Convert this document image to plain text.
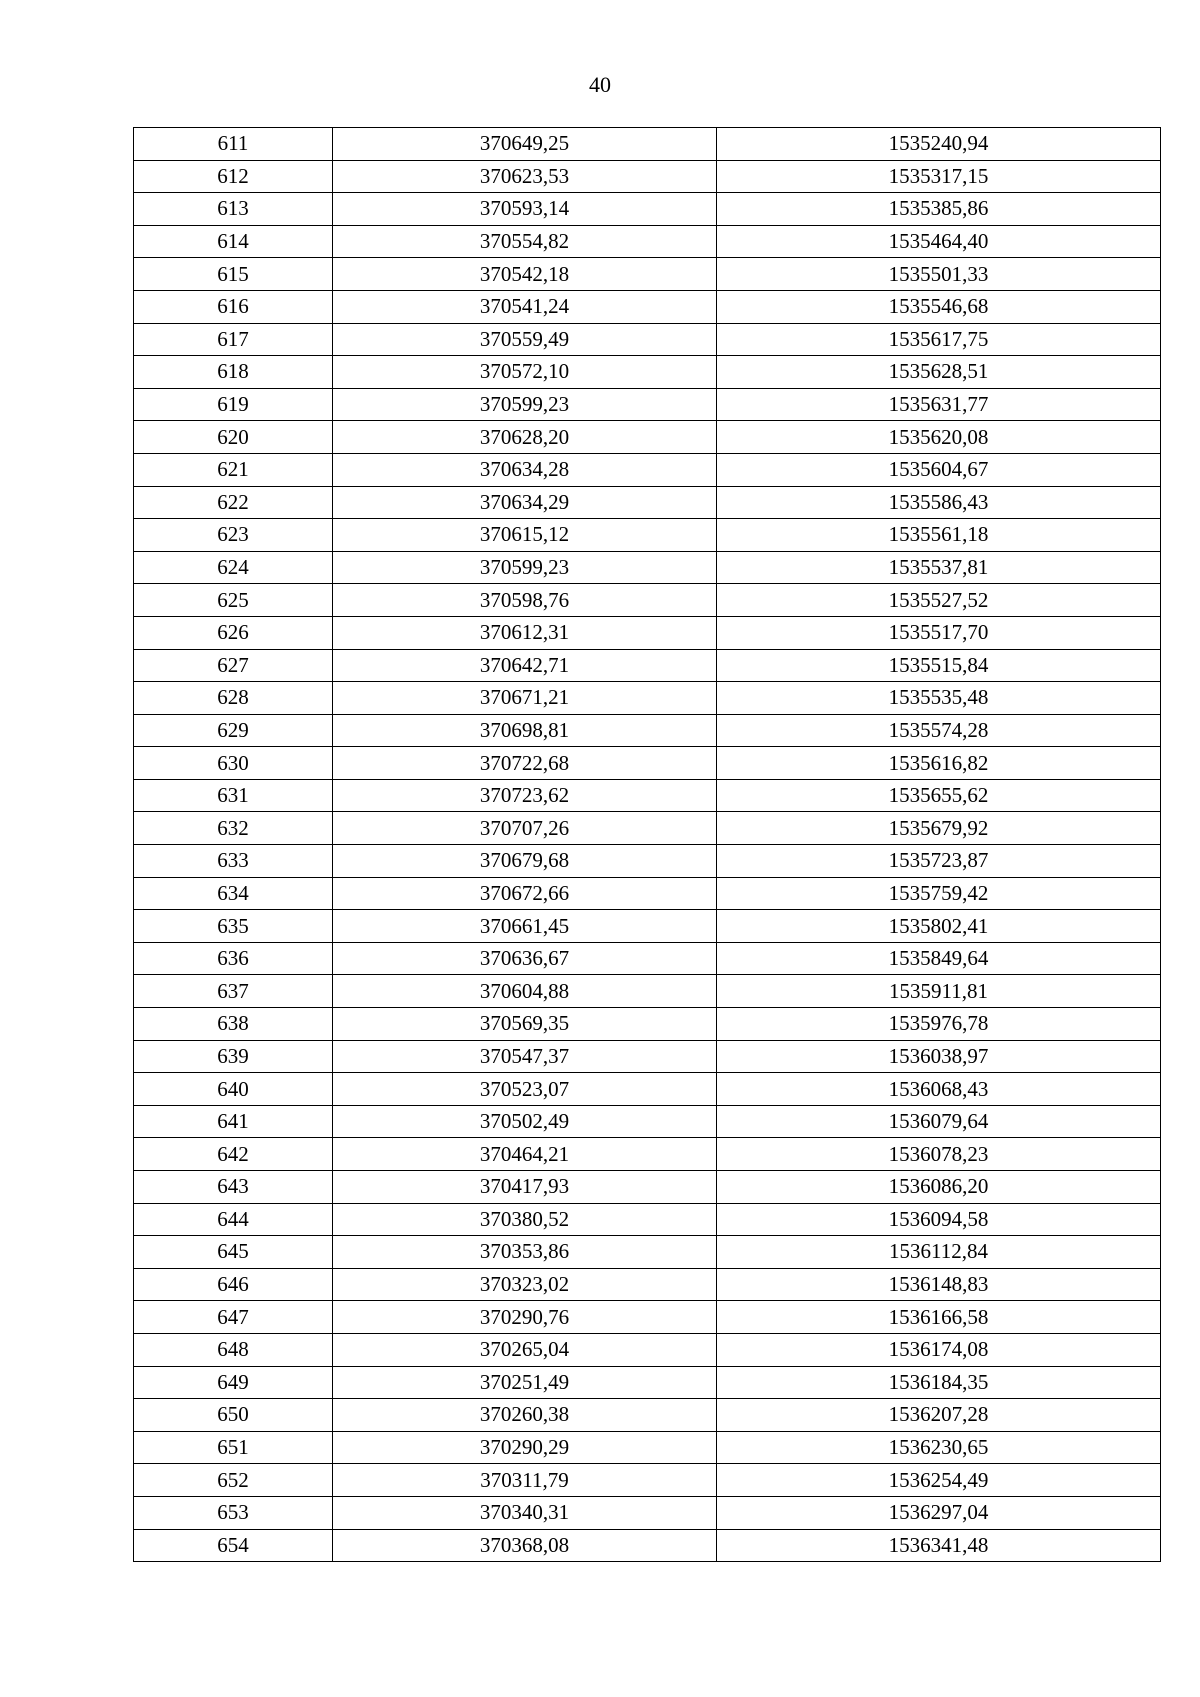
40
611	370649,25	1535240,94
612	370623,53	1535317,15
613	370593,14	1535385,86
614	370554,82	1535464,40
615	370542,18	1535501,33
616	370541,24	1535546,68
617	370559,49	1535617,75
618	370572,10	1535628,51
619	370599,23	1535631,77
620	370628,20	1535620,08
621	370634,28	1535604,67
622	370634,29	1535586,43
623	370615,12	1535561,18
624	370599,23	1535537,81
625	370598,76	1535527,52
626	370612,31	1535517,70
627	370642,71	1535515,84
628	370671,21	1535535,48
629	370698,81	1535574,28
630	370722,68	1535616,82
631	370723,62	1535655,62
632	370707,26	1535679,92
633	370679,68	1535723,87
634	370672,66	1535759,42
635	370661,45	1535802,41
636	370636,67	1535849,64
637	370604,88	1535911,81
638	370569,35	1535976,78
639	370547,37	1536038,97
640	370523,07	1536068,43
641	370502,49	1536079,64
642	370464,21	1536078,23
643	370417,93	1536086,20
644	370380,52	1536094,58
645	370353,86	1536112,84
646	370323,02	1536148,83
647	370290,76	1536166,58
648	370265,04	1536174,08
649	370251,49	1536184,35
650	370260,38	1536207,28
651	370290,29	1536230,65
652	370311,79	1536254,49
653	370340,31	1536297,04
654	370368,08	1536341,48
